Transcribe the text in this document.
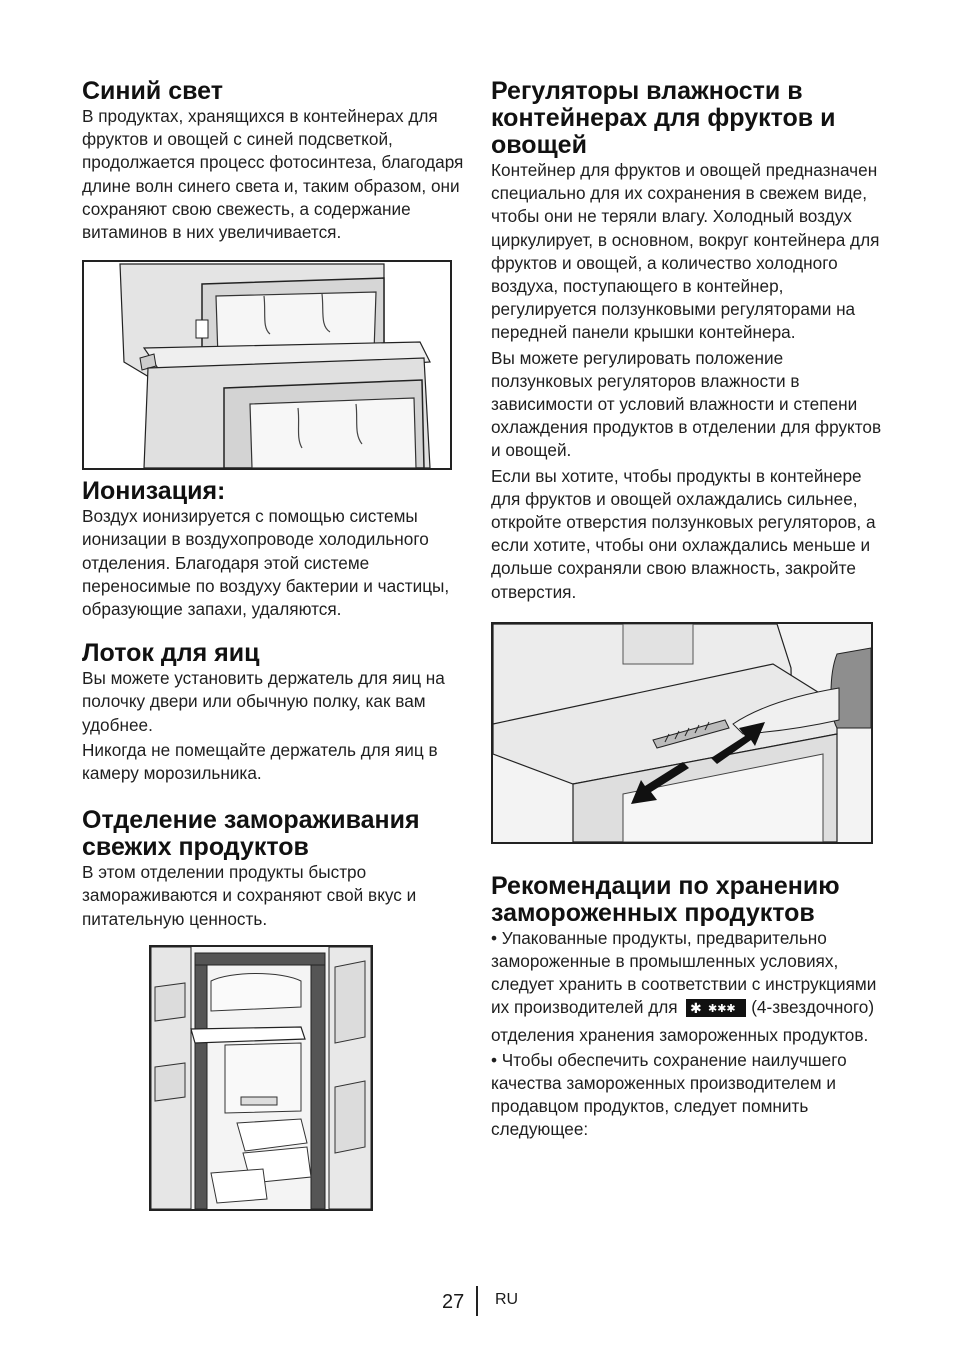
Синий свет

В продуктах, хранящихся в контейнерах для фруктов и овощей с синей подсветкой, продолжается процесс фотосинтеза, благодаря длине волн синего света и, таким образом, они сохраняют свою свежесть, а содержание витаминов в них увеличивается.

Ионизация:

Воздух ионизируется с помощью системы ионизации в воздухопроводе холодильного отделения. Благодаря этой системе переносимые по воздуху бактерии и частицы, образующие запахи, удаляются.

Лоток для яиц

Вы можете установить держатель для яиц на полочку двери или обычную полку, как вам удобнее.

Никогда не помещайте держатель для яиц в камеру морозильника.

Отделение замораживания свежих продуктов

В этом отделении продукты быстро замораживаются и сохраняют свой вкус и питательную ценность.

Регуляторы влажности в контейнерах для фруктов и овощей

Контейнер для фруктов и овощей предназначен специально для их сохранения в свежем виде, чтобы они не теряли влагу. Холодный воздух циркулирует, в основном, вокруг контейнера для фруктов и овощей, а количество холодного воздуха, поступающего в контейнер, регулируется ползунковыми регуляторами на передней панели крышки контейнера.

Вы можете регулировать положение ползунковых регуляторов влажности в зависимости от условий влажности и степени охлаждения продуктов в отделении для фруктов и овощей.

Если вы хотите, чтобы продукты в контейнере для фруктов и овощей охлаждались сильнее, откройте отверстия ползунковых регуляторов, а если хотите, чтобы они охлаждались меньше и дольше сохраняли свою влажность, закройте отверстия.

Рекомендации по хранению замороженных продуктов

• Упакованные продукты, предварительно замороженные в промышленных условиях, следует хранить в соответствии с инструкциями их производителей для ✱ ✱✱✱ (4-звездочного) отделения хранения замороженных продуктов.

• Чтобы обеспечить сохранение наилучшего качества замороженных производителем и продавцом продуктов, следует помнить следующее:

27 RU
